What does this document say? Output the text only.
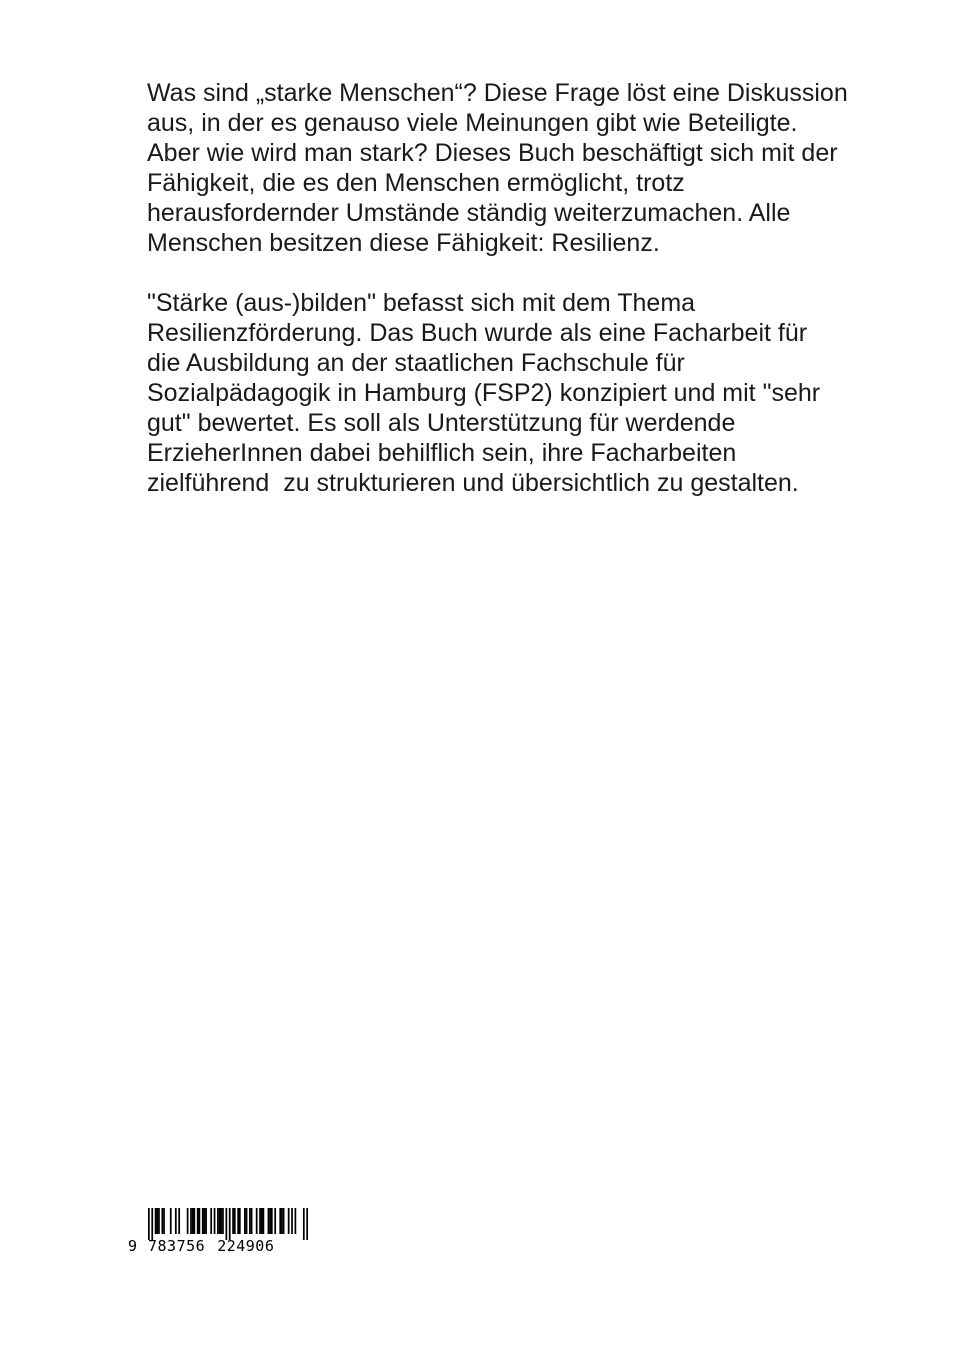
Was sind „starke Menschen“? Diese Frage löst eine Diskussion
aus, in der es genauso viele Meinungen gibt wie Beteiligte.
Aber wie wird man stark? Dieses Buch beschäftigt sich mit der
Fähigkeit, die es den Menschen ermöglicht, trotz
herausfordernder Umstände ständig weiterzumachen. Alle
Menschen besitzen diese Fähigkeit: Resilienz.

"Stärke (aus-)bilden" befasst sich mit dem Thema
Resilienzförderung. Das Buch wurde als eine Facharbeit für
die Ausbildung an der staatlichen Fachschule für
Sozialpädagogik in Hamburg (FSP2) konzipiert und mit "sehr
gut" bewertet. Es soll als Unterstützung für werdende
ErzieherInnen dabei behilflich sein, ihre Facharbeiten
zielführend  zu strukturieren und übersichtlich zu gestalten.

9 783756 224906
